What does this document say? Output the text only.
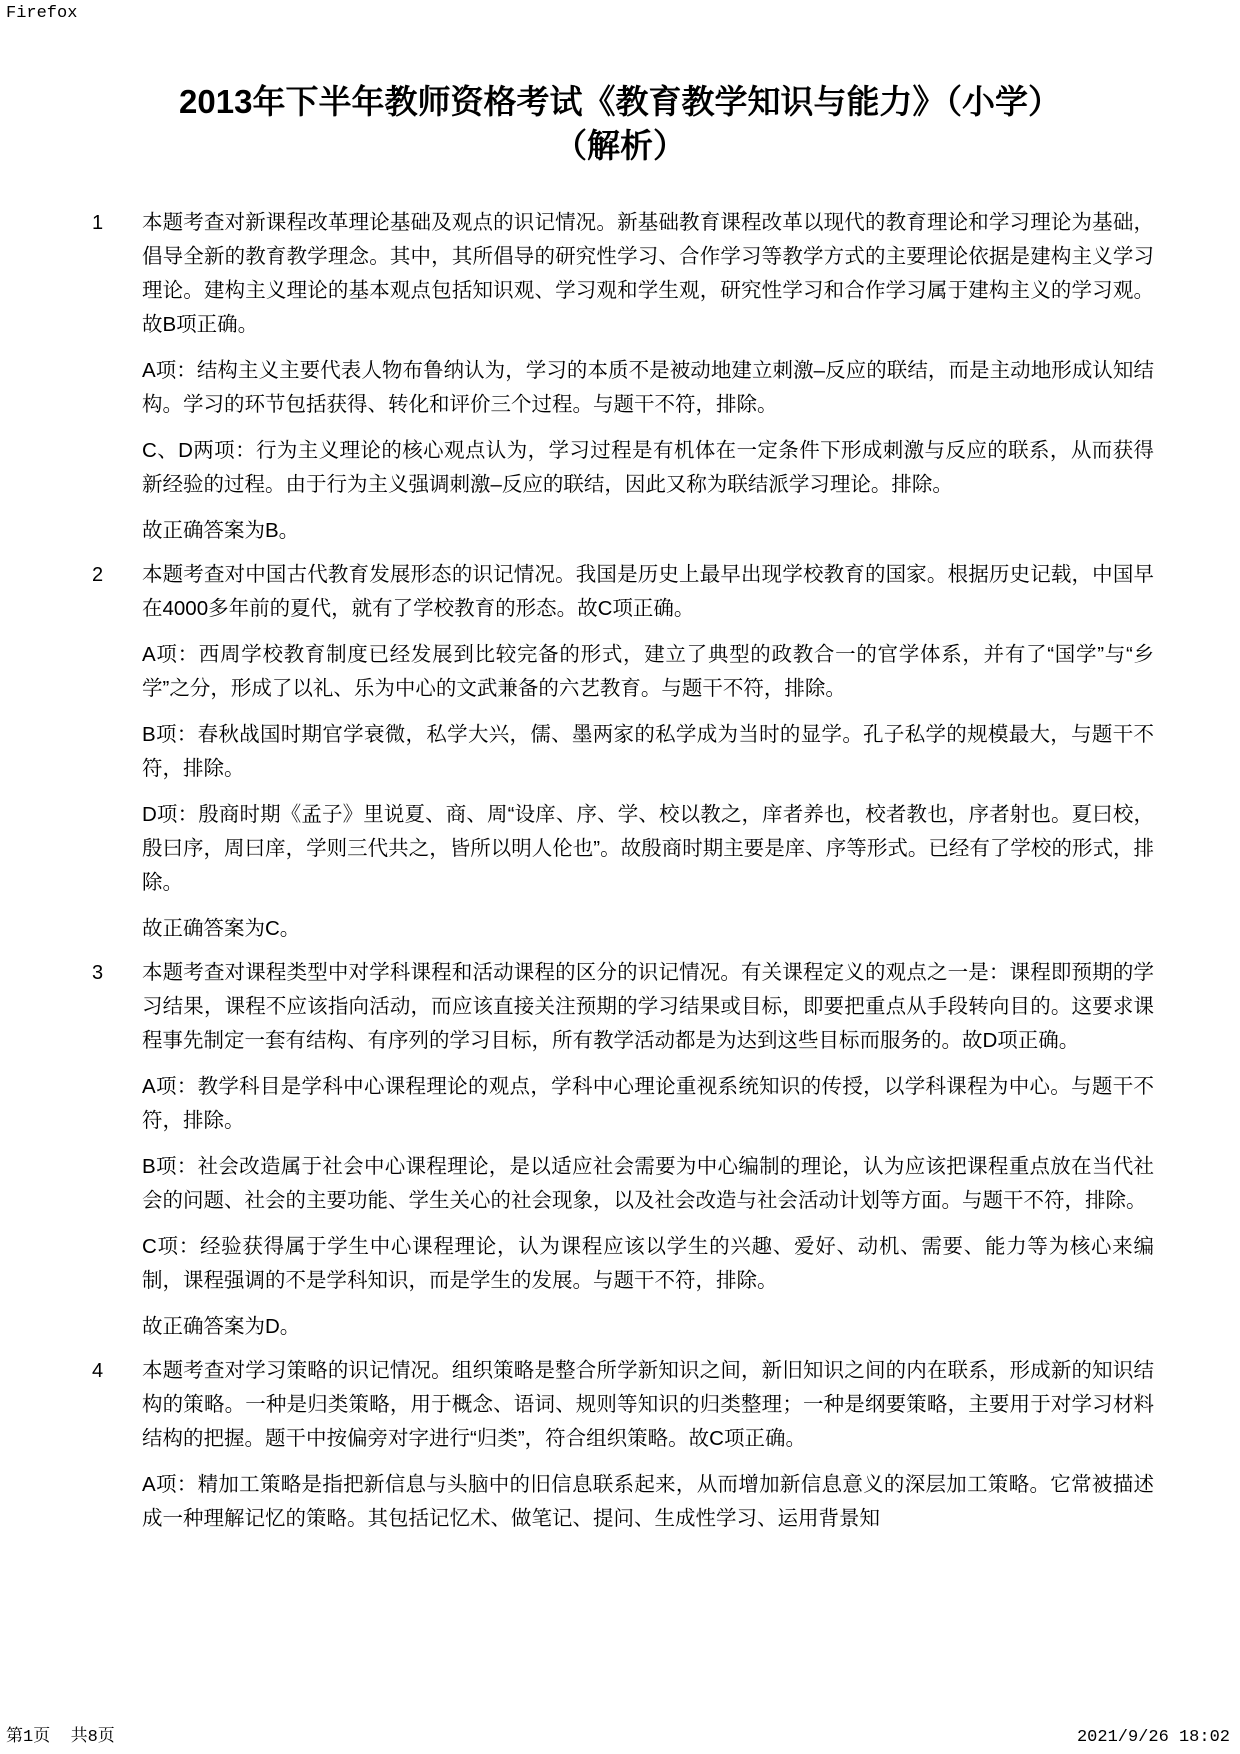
Firefox
2013年下半年教师资格考试《教育教学知识与能力》（小学）
（解析）
1	本题考查对新课程改革理论基础及观点的识记情况。新基础教育课程改革以现代的教育理论和学习理论为基础，倡导全新的教育教学理念。其中，其所倡导的研究性学习、合作学习等教学方式的主要理论依据是建构主义学习理论。建构主义理论的基本观点包括知识观、学习观和学生观，研究性学习和合作学习属于建构主义的学习观。故B项正确。

A项：结构主义主要代表人物布鲁纳认为，学习的本质不是被动地建立刺激–反应的联结，而是主动地形成认知结构。学习的环节包括获得、转化和评价三个过程。与题干不符，排除。

C、D两项：行为主义理论的核心观点认为，学习过程是有机体在一定条件下形成刺激与反应的联系，从而获得新经验的过程。由于行为主义强调刺激–反应的联结，因此又称为联结派学习理论。排除。

故正确答案为B。

2	本题考查对中国古代教育发展形态的识记情况。我国是历史上最早出现学校教育的国家。根据历史记载，中国早在4000多年前的夏代，就有了学校教育的形态。故C项正确。

A项：西周学校教育制度已经发展到比较完备的形式，建立了典型的政教合一的官学体系，并有了“国学”与“乡学”之分，形成了以礼、乐为中心的文武兼备的六艺教育。与题干不符，排除。

B项：春秋战国时期官学衰微，私学大兴，儒、墨两家的私学成为当时的显学。孔子私学的规模最大，与题干不符，排除。

D项：殷商时期《孟子》里说夏、商、周“设庠、序、学、校以教之，庠者养也，校者教也，序者射也。夏曰校，殷曰序，周曰庠，学则三代共之，皆所以明人伦也”。故殷商时期主要是庠、序等形式。已经有了学校的形式，排除。

故正确答案为C。

3	本题考查对课程类型中对学科课程和活动课程的区分的识记情况。有关课程定义的观点之一是：课程即预期的学习结果，课程不应该指向活动，而应该直接关注预期的学习结果或目标，即要把重点从手段转向目的。这要求课程事先制定一套有结构、有序列的学习目标，所有教学活动都是为达到这些目标而服务的。故D项正确。

A项：教学科目是学科中心课程理论的观点，学科中心理论重视系统知识的传授，以学科课程为中心。与题干不符，排除。

B项：社会改造属于社会中心课程理论，是以适应社会需要为中心编制的理论，认为应该把课程重点放在当代社会的问题、社会的主要功能、学生关心的社会现象，以及社会改造与社会活动计划等方面。与题干不符，排除。

C项：经验获得属于学生中心课程理论，认为课程应该以学生的兴趣、爱好、动机、需要、能力等为核心来编制，课程强调的不是学科知识，而是学生的发展。与题干不符，排除。

故正确答案为D。

4	本题考查对学习策略的识记情况。组织策略是整合所学新知识之间，新旧知识之间的内在联系，形成新的知识结构的策略。一种是归类策略，用于概念、语词、规则等知识的归类整理；一种是纲要策略，主要用于对学习材料结构的把握。题干中按偏旁对字进行“归类”，符合组织策略。故C项正确。

A项：精加工策略是指把新信息与头脑中的旧信息联系起来，从而增加新信息意义的深层加工策略。它常被描述成一种理解记忆的策略。其包括记忆术、做笔记、提问、生成性学习、运用背景知

第1页  共8页	2021/9/26 18:02
